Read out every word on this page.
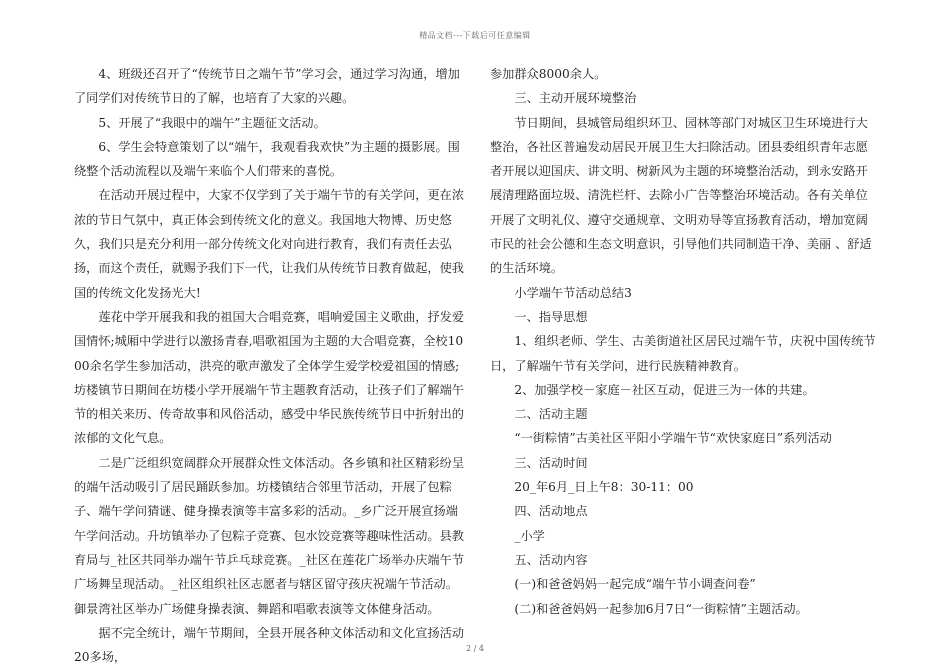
精品文档---下载后可任意编辑

4、班级还召开了“传统节日之端午节”学习会，通过学习沟通，增加了同学们对传统节日的了解，也培育了大家的兴趣。

5、开展了“我眼中的端午”主题征文活动。

6、学生会特意策划了以“端午，我观看我欢快”为主题的摄影展。围绕整个活动流程以及端午来临个人们带来的喜悦。

在活动开展过程中，大家不仅学到了关于端午节的有关学问，更在浓浓的节日气氛中，真正体会到传统文化的意义。我国地大物博、历史悠久，我们只是充分利用一部分传统文化对向进行教育，我们有责任去弘扬，而这个责任，就赐予我们下一代，让我们从传统节日教育做起，使我国的传统文化发扬光大!

莲花中学开展我和我的祖国大合唱竞赛，唱响爱国主义歌曲，抒发爱国情怀;城厢中学进行以激扬青春,唱歌祖国为主题的大合唱竞赛，全校1000余名学生参加活动，洪亮的歌声激发了全体学生爱学校爱祖国的情感;坊楼镇节日期间在坊楼小学开展端午节主题教育活动，让孩子们了解端午节的相关来历、传奇故事和风俗活动，感受中华民族传统节日中折射出的浓郁的文化气息。

二是广泛组织宽阔群众开展群众性文体活动。各乡镇和社区精彩纷呈的端午活动吸引了居民踊跃参加。坊楼镇结合邻里节活动，开展了包粽子、端午学问猜谜、健身操表演等丰富多彩的活动。_乡广泛开展宣扬端午学问活动。升坊镇举办了包粽子竞赛、包水饺竞赛等趣味性活动。县教育局与_社区共同举办端午节乒乓球竞赛。_社区在莲花广场举办庆端午节广场舞呈现活动。_社区组织社区志愿者与辖区留守孩庆祝端午节活动。御景湾社区举办广场健身操表演、舞蹈和唱歌表演等文体健身活动。

据不完全统计，端午节期间，全县开展各种文体活动和文化宣扬活动20多场，

参加群众8000余人。

三、主动开展环境整治

节日期间，县城管局组织环卫、园林等部门对城区卫生环境进行大整治，各社区普遍发动居民开展卫生大扫除活动。团县委组织青年志愿者开展以迎国庆、讲文明、树新风为主题的环境整治活动，到永安路开展清理路面垃圾、清洗栏杆、去除小广告等整治环境活动。各有关单位开展了文明礼仪、遵守交通规章、文明劝导等宣扬教育活动，增加宽阔市民的社会公德和生态文明意识，引导他们共同制造干净、美丽 、舒适的生活环境。

小学端午节活动总结3

一、指导思想

1、组织老师、学生、古美街道社区居民过端午节，庆祝中国传统节日，了解端午节有关学问，进行民族精神教育。

2、加强学校－家庭－社区互动，促进三为一体的共建。

二、活动主题

“一街粽情”古美社区平阳小学端午节“欢快家庭日”系列活动

三、活动时间

20_年6月_日上午8：30-11：00

四、活动地点

_小学

五、活动内容

(一)和爸爸妈妈一起完成“端午节小调查问卷”

(二)和爸爸妈妈一起参加6月7日“一街粽情”主题活动。

2 / 4
